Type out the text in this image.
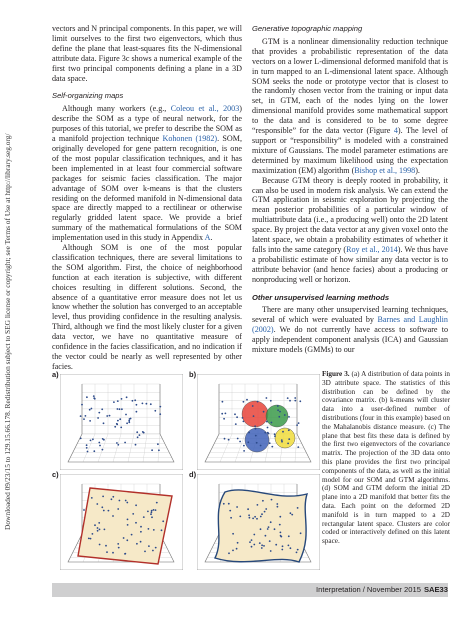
Downloaded 09/23/15 to 129.15.66.178. Redistribution subject to SEG license or copyright; see Terms of Use at http://library.seg.org/

vectors and N principal components. In this paper, we will limit ourselves to the first two eigenvectors, which thus define the plane that least-squares fits the N-dimensional attribute data. Figure 3c shows a numerical example of the first two principal components defining a plane in a 3D data space.

Self-organizing maps

Although many workers (e.g., Coleou et al., 2003) describe the SOM as a type of neural network, for the purposes of this tutorial, we prefer to describe the SOM as a manifold projection technique Kohonen (1982). SOM, originally developed for gene pattern recognition, is one of the most popular classification techniques, and it has been implemented in at least four commercial software packages for seismic facies classification. The major advantage of SOM over k-means is that the clusters residing on the deformed manifold in N-dimensional data space are directly mapped to a rectilinear or otherwise regularly gridded latent space. We provide a brief summary of the mathematical formulations of the SOM implementation used in this study in Appendix A.

Although SOM is one of the most popular classification techniques, there are several limitations to the SOM algorithm. First, the choice of neighborhood function at each iteration is subjective, with different choices resulting in different solutions. Second, the absence of a quantitative error measure does not let us know whether the solution has converged to an acceptable level, thus providing confidence in the resulting analysis. Third, although we find the most likely cluster for a given data vector, we have no quantitative measure of confidence in the facies classification, and no indication if the vector could be nearly as well represented by other facies.

Generative topographic mapping

GTM is a nonlinear dimensionality reduction technique that provides a probabilistic representation of the data vectors on a lower L-dimensional deformed manifold that is in turn mapped to an L-dimensional latent space. Although SOM seeks the node or prototype vector that is closest to the randomly chosen vector from the training or input data set, in GTM, each of the nodes lying on the lower dimensional manifold provides some mathematical support to the data and is considered to be to some degree “responsible” for the data vector (Figure 4). The level of support or “responsibility” is modeled with a constrained mixture of Gaussians. The model parameter estimations are determined by maximum likelihood using the expectation maximization (EM) algorithm (Bishop et al., 1998).

Because GTM theory is deeply rooted in probability, it can also be used in modern risk analysis. We can extend the GTM application in seismic exploration by projecting the mean posterior probabilities of a particular window of multiattribute data (i.e., a producing well) onto the 2D latent space. By project the data vector at any given voxel onto the latent space, we obtain a probability estimates of whether it falls into the same category (Roy et al., 2014). We thus have a probabilistic estimate of how similar any data vector is to attribute behavior (and hence facies) about a producing or nonproducing well or horizon.

Other unsupervised learning methods

There are many other unsupervised learning techniques, several of which were evaluated by Barnes and Laughlin (2002). We do not currently have access to software to apply independent component analysis (ICA) and Gaussian mixture models (GMMs) to our

a)	b)
c)	d)
Figure 3. (a) A distribution of data points in 3D attribute space. The statistics of this distribution can be defined by the covariance matrix. (b) k-means will cluster data into a user-defined number of distributions (four in this example) based on the Mahalanobis distance measure. (c) The plane that best fits these data is defined by the first two eigenvectors of the covariance matrix. The projection of the 3D data onto this plane provides the first two principal components of the data, as well as the initial model for our SOM and GTM algorithms. (d) SOM and GTM deform the initial 2D plane into a 2D manifold that better fits the data. Each point on the deformed 2D manifold is in turn mapped to a 2D rectangular latent space. Clusters are color coded or interactively defined on this latent space.
Interpretation / November 2015 SAE33
